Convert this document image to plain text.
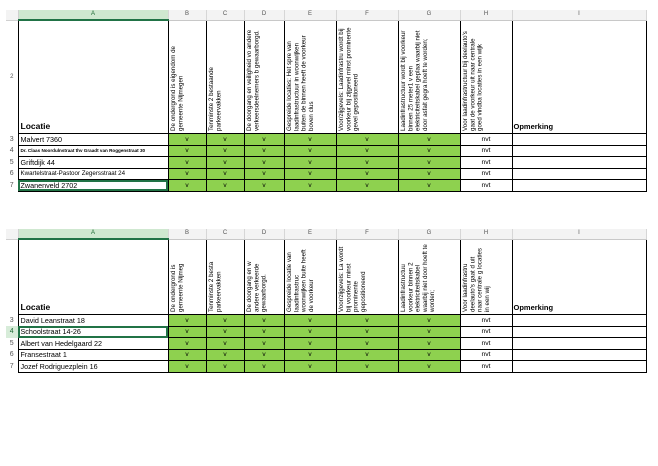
	A	B	C	D	E	F	G	H	I
2	Locatie	De ondergrond is eigendom de gemeente Nijmegen	Tenminste 2 bestaande parkeervakken	De doorgang en veiligheid vo andere verkeersdeelnemers b gewaarborgd.	Gespreide locaties: Het spre van laadinfrastructuur in woonwijken buiten de binnen heeft de voorkeur boven clus	Voor/zijgevels: Laadinfrastru wordt bij voorkeur bij zijgevel minst prominente gevel gepositioneerd	Laadinfrastructuur wordt bij voorkeur binnen 25 meter1 v een elektriciteitskabel geplaa waarbij niet door asfalt gegra hoeft te worden;	Voor laadinfrastructuur bij deelauto's gaat de voorkeur uit naar centrale goed vindba locaties in een wijk	Opmerking
3	Malvert 7360	v	v	v	v	v	v	nvt	
4	Dr. Claas Noordulnstraat thv Graadt van Roggenstraat 30	v	v	v	v	v	v	nvt	
5	Griftdijk 44	v	v	v	v	v	v	nvt	
6	Kwartelstraat-Pastoor Zegersstraat 24	v	v	v	v	v	v	nvt	
7	Zwanenveld 2702	v	v	v	v	v	v	nvt	
	A	B	C	D	E	F	G	H	I
	Locatie	De ondergrond is gemeente Nijmeg	Tenminste 2 besta parkeervakken	De doorgang en w andere verkeerde gewaarborgd.	Gespreide locatie van laadinfrastruc woonwijken buite heeft de voorkeur	Voor/zijgevels: La wordt bij voorkeur minst prominente gepositioneerd	Laadinfrastructuu voorkeur binnen 2 elektriciteitskabel waarbij niet door hoeft te worden;	Voor laadinfrastru deelauto's gaat d uit naar centrale g locaties in een wij	Opmerking
3	David Leanstraat 18	v	v	v	v	v	v	nvt	
4	Schoolstraat 14-26	v	v	v	v	v	v	nvt	
5	Albert van Hedelgaard 22	v	v	v	v	v	v	nvt	
6	Fransestraat 1	v	v	v	v	v	v	nvt	
7	Jozef Rodriguezplein 16	v	v	v	v	v	v	nvt	
